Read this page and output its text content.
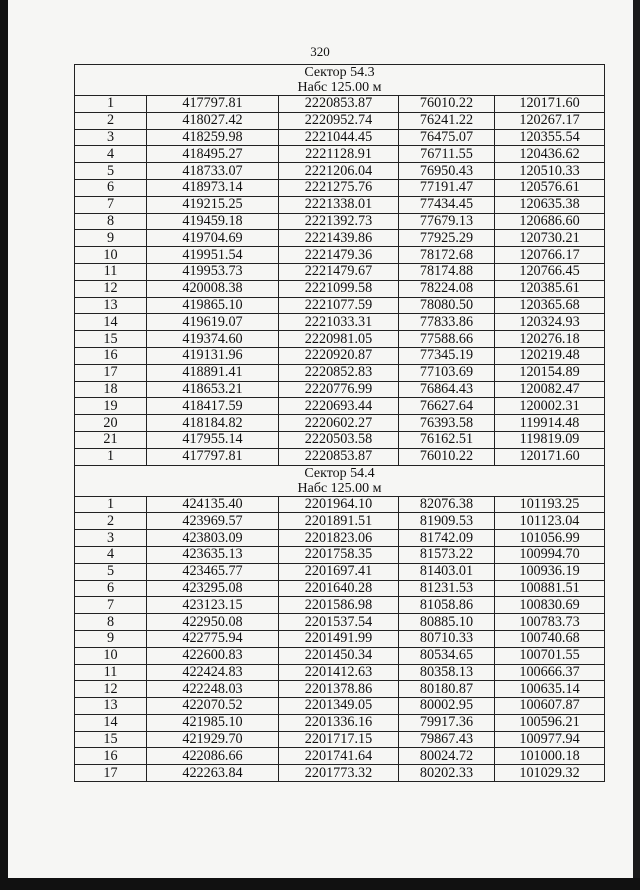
320
Сектор 54.3				
Набс 125.00 м				
1	417797.81	2220853.87	76010.22	120171.60
2	418027.42	2220952.74	76241.22	120267.17
3	418259.98	2221044.45	76475.07	120355.54
4	418495.27	2221128.91	76711.55	120436.62
5	418733.07	2221206.04	76950.43	120510.33
6	418973.14	2221275.76	77191.47	120576.61
7	419215.25	2221338.01	77434.45	120635.38
8	419459.18	2221392.73	77679.13	120686.60
9	419704.69	2221439.86	77925.29	120730.21
10	419951.54	2221479.36	78172.68	120766.17
11	419953.73	2221479.67	78174.88	120766.45
12	420008.38	2221099.58	78224.08	120385.61
13	419865.10	2221077.59	78080.50	120365.68
14	419619.07	2221033.31	77833.86	120324.93
15	419374.60	2220981.05	77588.66	120276.18
16	419131.96	2220920.87	77345.19	120219.48
17	418891.41	2220852.83	77103.69	120154.89
18	418653.21	2220776.99	76864.43	120082.47
19	418417.59	2220693.44	76627.64	120002.31
20	418184.82	2220602.27	76393.58	119914.48
21	417955.14	2220503.58	76162.51	119819.09
1	417797.81	2220853.87	76010.22	120171.60
Сектор 54.4				
Набс 125.00 м				
1	424135.40	2201964.10	82076.38	101193.25
2	423969.57	2201891.51	81909.53	101123.04
3	423803.09	2201823.06	81742.09	101056.99
4	423635.13	2201758.35	81573.22	100994.70
5	423465.77	2201697.41	81403.01	100936.19
6	423295.08	2201640.28	81231.53	100881.51
7	423123.15	2201586.98	81058.86	100830.69
8	422950.08	2201537.54	80885.10	100783.73
9	422775.94	2201491.99	80710.33	100740.68
10	422600.83	2201450.34	80534.65	100701.55
11	422424.83	2201412.63	80358.13	100666.37
12	422248.03	2201378.86	80180.87	100635.14
13	422070.52	2201349.05	80002.95	100607.87
14	421985.10	2201336.16	79917.36	100596.21
15	421929.70	2201717.15	79867.43	100977.94
16	422086.66	2201741.64	80024.72	101000.18
17	422263.84	2201773.32	80202.33	101029.32
